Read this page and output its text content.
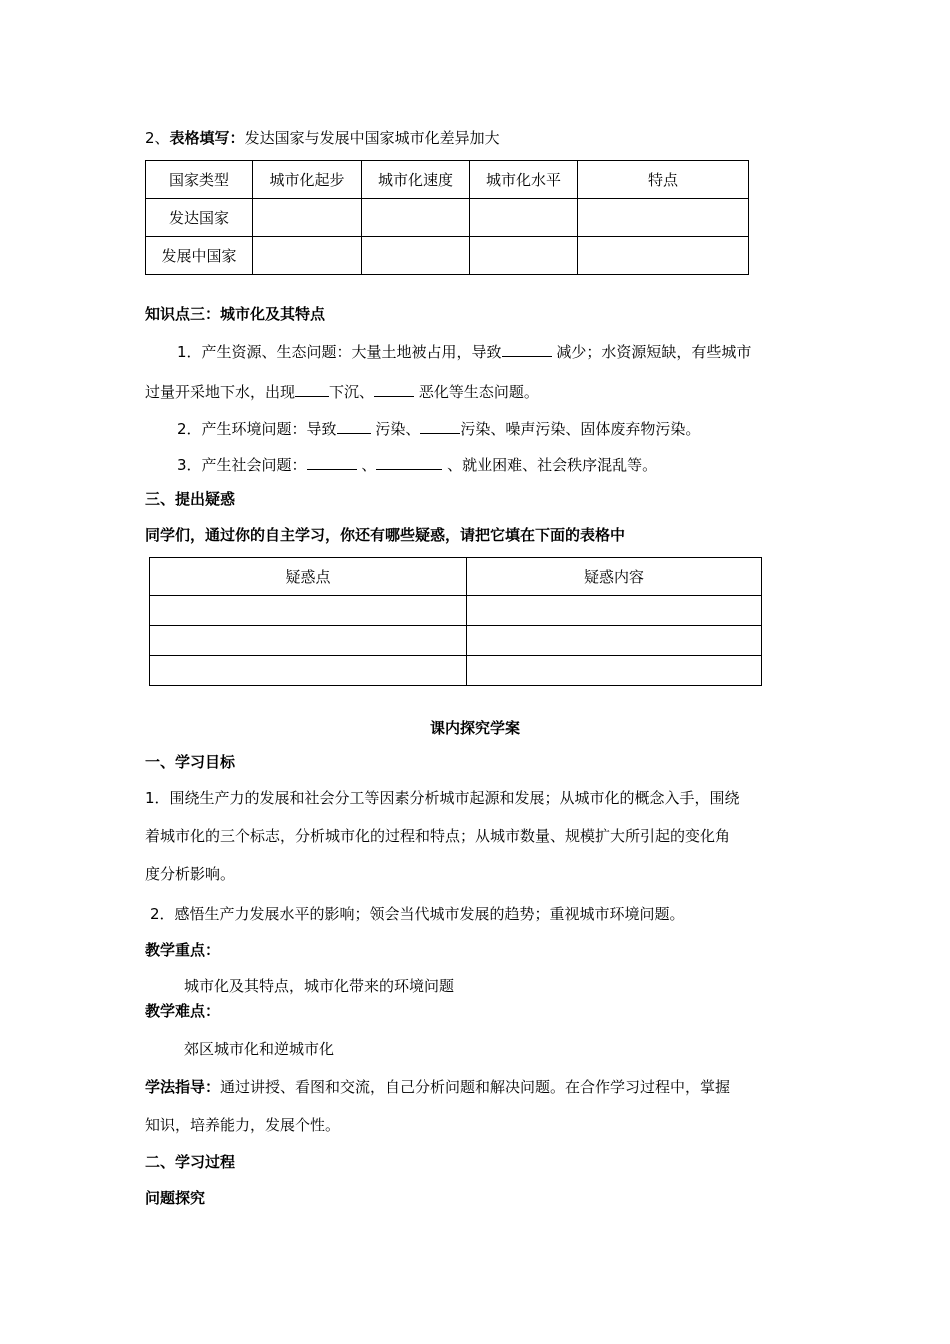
2、表格填写：发达国家与发展中国家城市化差异加大
国家类型	城市化起步	城市化速度	城市化水平	特点
发达国家				
发展中国家				
知识点三：城市化及其特点
1．产生资源、生态问题：大量土地被占用，导致	减少；水资源短缺，有些城市
过量开采地下水，出现 下沉、	恶化等生态问题。
2．产生环境问题：导致	污染、	污染、噪声污染、固体废弃物污染。
3．产生社会问题：	、	、就业困难、社会秩序混乱等。
三、提出疑惑
同学们，通过你的自主学习，你还有哪些疑惑，请把它填在下面的表格中
疑惑点	疑惑内容

课内探究学案
一、学习目标
1．围绕生产力的发展和社会分工等因素分析城市起源和发展；从城市化的概念入手，围绕
着城市化的三个标志，分析城市化的过程和特点；从城市数量、规模扩大所引起的变化角
度分析影响。
2．感悟生产力发展水平的影响；领会当代城市发展的趋势；重视城市环境问题。
教学重点：
城市化及其特点，城市化带来的环境问题
教学难点：
郊区城市化和逆城市化
学法指导：通过讲授、看图和交流，自己分析问题和解决问题。在合作学习过程中，掌握
知识，培养能力，发展个性。
二、学习过程
问题探究
